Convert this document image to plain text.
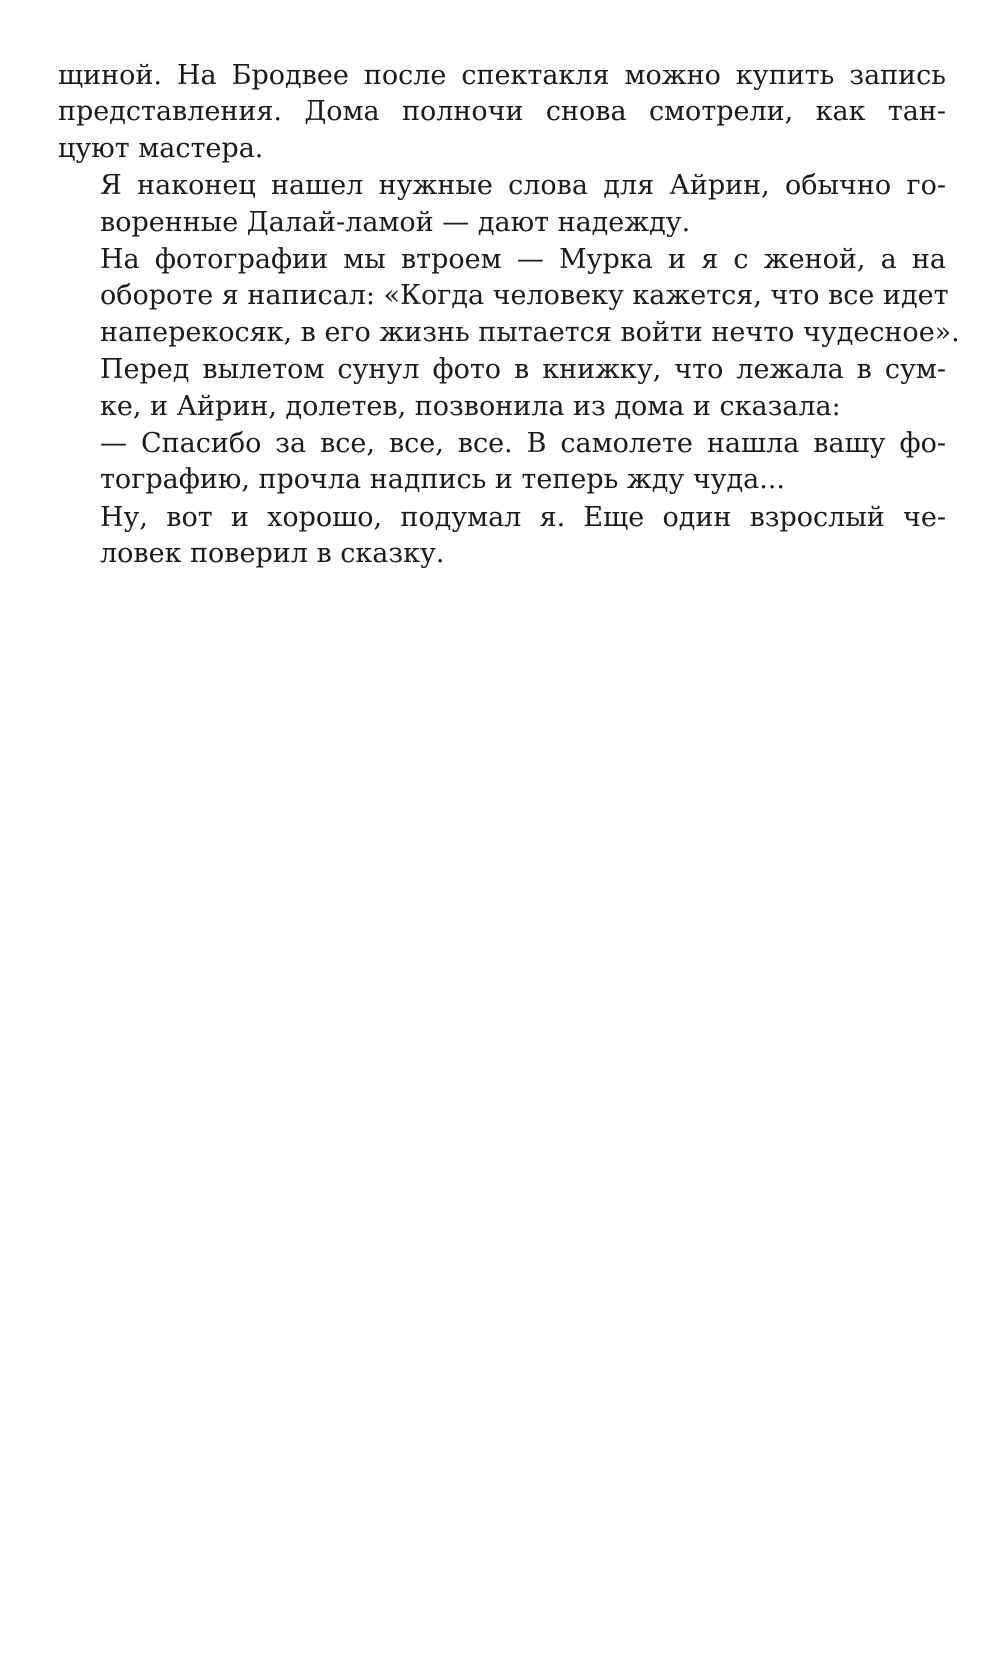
щиной. На Бродвее после спектакля можно купить запись
представления. Дома полночи снова смотрели, как тан-
цуют мастера.

Я наконец нашел нужные слова для Айрин, обычно го-
воренные Далай-ламой — дают надежду.

На фотографии мы втроем — Мурка и я с женой, а на
обороте я написал: «Когда человеку кажется, что все идет
наперекосяк, в его жизнь пытается войти нечто чудесное».

Перед вылетом сунул фото в книжку, что лежала в сум-
ке, и Айрин, долетев, позвонила из дома и сказала:

— Спасибо за все, все, все. В самолете нашла вашу фо-
тографию, прочла надпись и теперь жду чуда...

Ну, вот и хорошо, подумал я. Еще один взрослый че-
ловек поверил в сказку.
